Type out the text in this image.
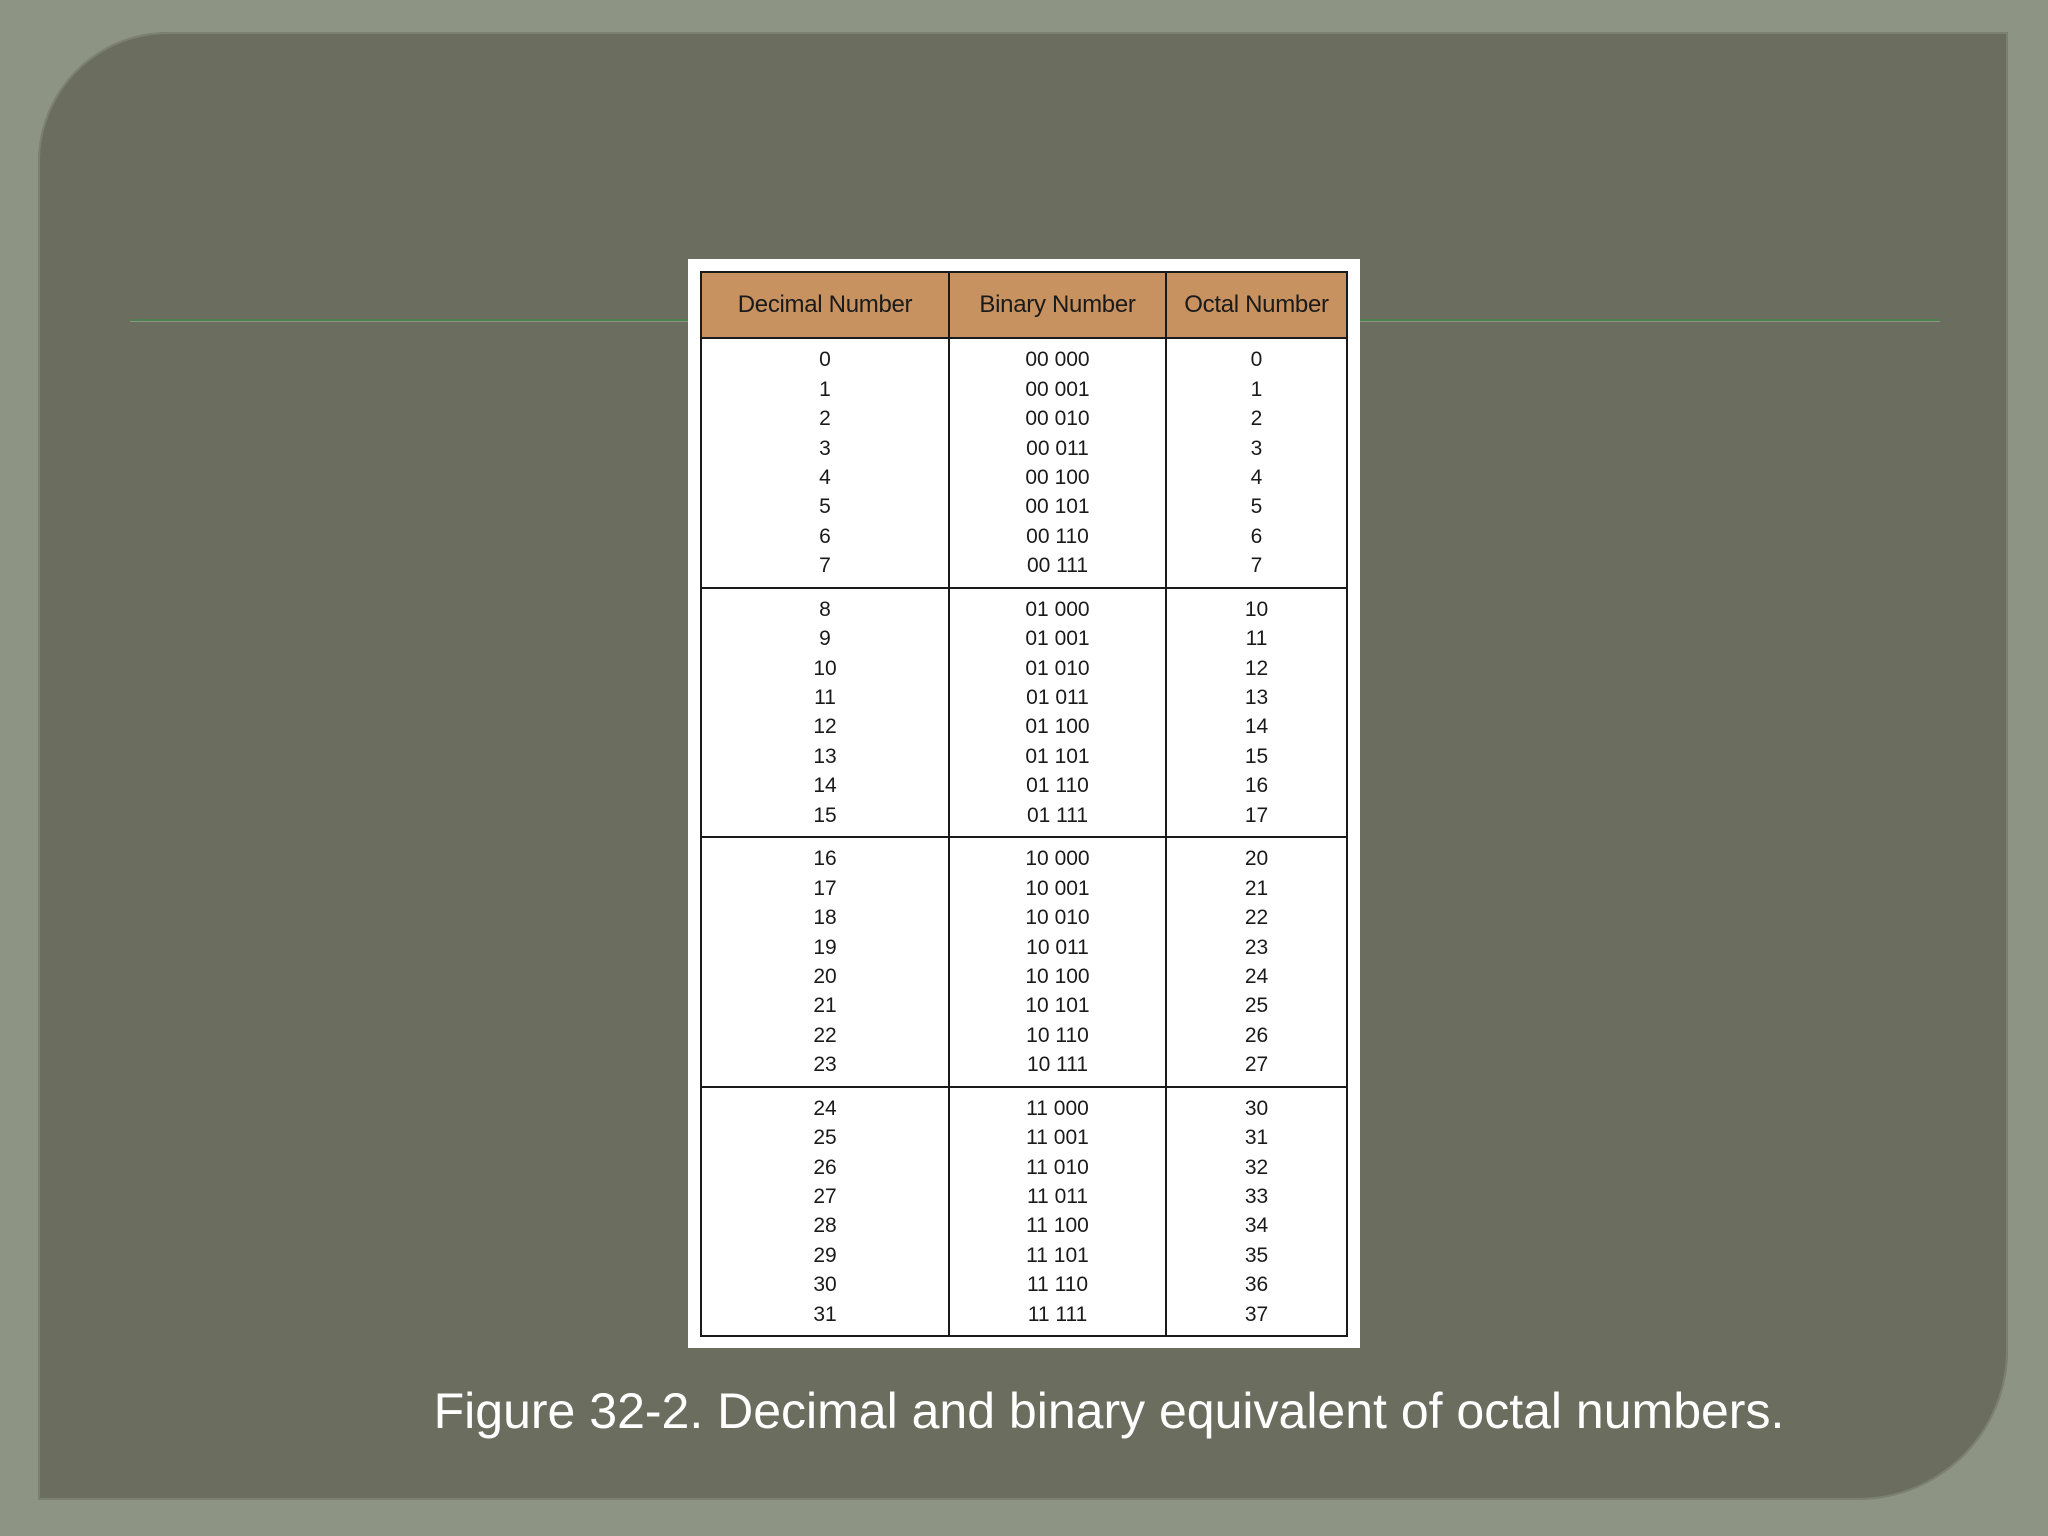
Decimal Number	Binary Number	Octal Number
0
1
2
3
4
5
6
7
00 000
00 001
00 010
00 011
00 100
00 101
00 110
00 111
0
1
2
3
4
5
6
7
8
9
10
11
12
13
14
15
01 000
01 001
01 010
01 011
01 100
01 101
01 110
01 111
10
11
12
13
14
15
16
17
16
17
18
19
20
21
22
23
10 000
10 001
10 010
10 011
10 100
10 101
10 110
10 111
20
21
22
23
24
25
26
27
24
25
26
27
28
29
30
31
11 000
11 001
11 010
11 011
11 100
11 101
11 110
11 111
30
31
32
33
34
35
36
37
Figure 32-2. Decimal and binary equivalent of octal numbers.
